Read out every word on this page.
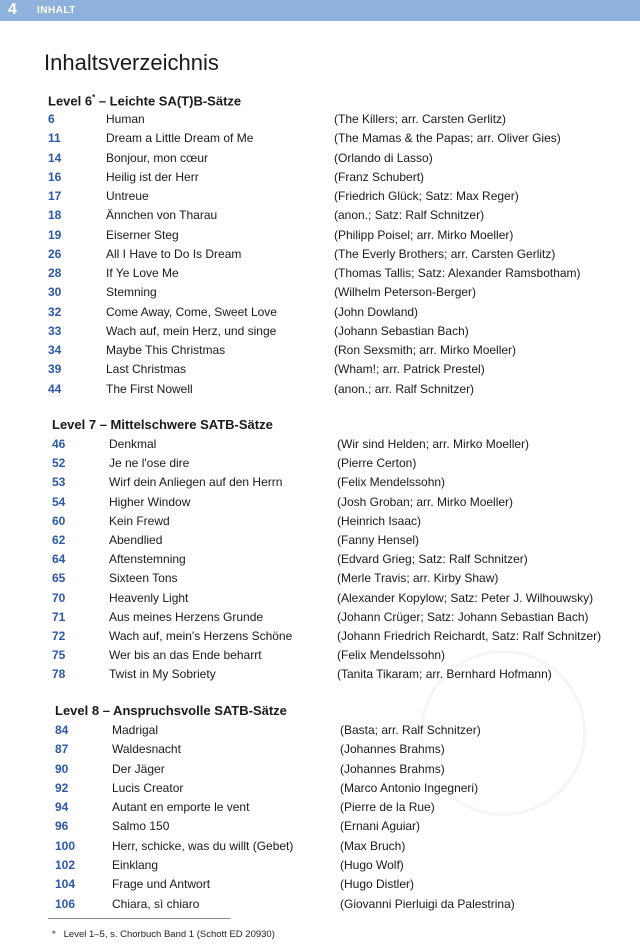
4 INHALT
Inhaltsverzeichnis
Level 6* – Leichte SA(T)B-Sätze
6	Human	(The Killers; arr. Carsten Gerlitz)
11	Dream a Little Dream of Me	(The Mamas & the Papas; arr. Oliver Gies)
14	Bonjour, mon cœur	(Orlando di Lasso)
16	Heilig ist der Herr	(Franz Schubert)
17	Untreue	(Friedrich Glück; Satz: Max Reger)
18	Ännchen von Tharau	(anon.; Satz: Ralf Schnitzer)
19	Eiserner Steg	(Philipp Poisel; arr. Mirko Moeller)
26	All I Have to Do Is Dream	(The Everly Brothers; arr. Carsten Gerlitz)
28	If Ye Love Me	(Thomas Tallis; Satz: Alexander Ramsbotham)
30	Stemning	(Wilhelm Peterson-Berger)
32	Come Away, Come, Sweet Love	(John Dowland)
33	Wach auf, mein Herz, und singe	(Johann Sebastian Bach)
34	Maybe This Christmas	(Ron Sexsmith; arr. Mirko Moeller)
39	Last Christmas	(Wham!; arr. Patrick Prestel)
44	The First Nowell	(anon.; arr. Ralf Schnitzer)
Level 7 – Mittelschwere SATB-Sätze
46	Denkmal	(Wir sind Helden; arr. Mirko Moeller)
52	Je ne l'ose dire	(Pierre Certon)
53	Wirf dein Anliegen auf den Herrn	(Felix Mendelssohn)
54	Higher Window	(Josh Groban; arr. Mirko Moeller)
60	Kein Frewd	(Heinrich Isaac)
62	Abendlied	(Fanny Hensel)
64	Aftenstemning	(Edvard Grieg; Satz: Ralf Schnitzer)
65	Sixteen Tons	(Merle Travis; arr. Kirby Shaw)
70	Heavenly Light	(Alexander Kopylow; Satz: Peter J. Wilhouwsky)
71	Aus meines Herzens Grunde	(Johann Crüger; Satz: Johann Sebastian Bach)
72	Wach auf, mein's Herzens Schöne	(Johann Friedrich Reichardt, Satz: Ralf Schnitzer)
75	Wer bis an das Ende beharrt	(Felix Mendelssohn)
78	Twist in My Sobriety	(Tanita Tikaram; arr. Bernhard Hofmann)
Level 8 – Anspruchsvolle SATB-Sätze
84	Madrigal	(Basta; arr. Ralf Schnitzer)
87	Waldesnacht	(Johannes Brahms)
90	Der Jäger	(Johannes Brahms)
92	Lucis Creator	(Marco Antonio Ingegneri)
94	Autant en emporte le vent	(Pierre de la Rue)
96	Salmo 150	(Ernani Aguiar)
100	Herr, schicke, was du willt (Gebet)	(Max Bruch)
102	Einklang	(Hugo Wolf)
104	Frage und Antwort	(Hugo Distler)
106	Chiara, sì chiaro	(Giovanni Pierluigi da Palestrina)
* Level 1–5, s. Chorbuch Band 1 (Schott ED 20930)
